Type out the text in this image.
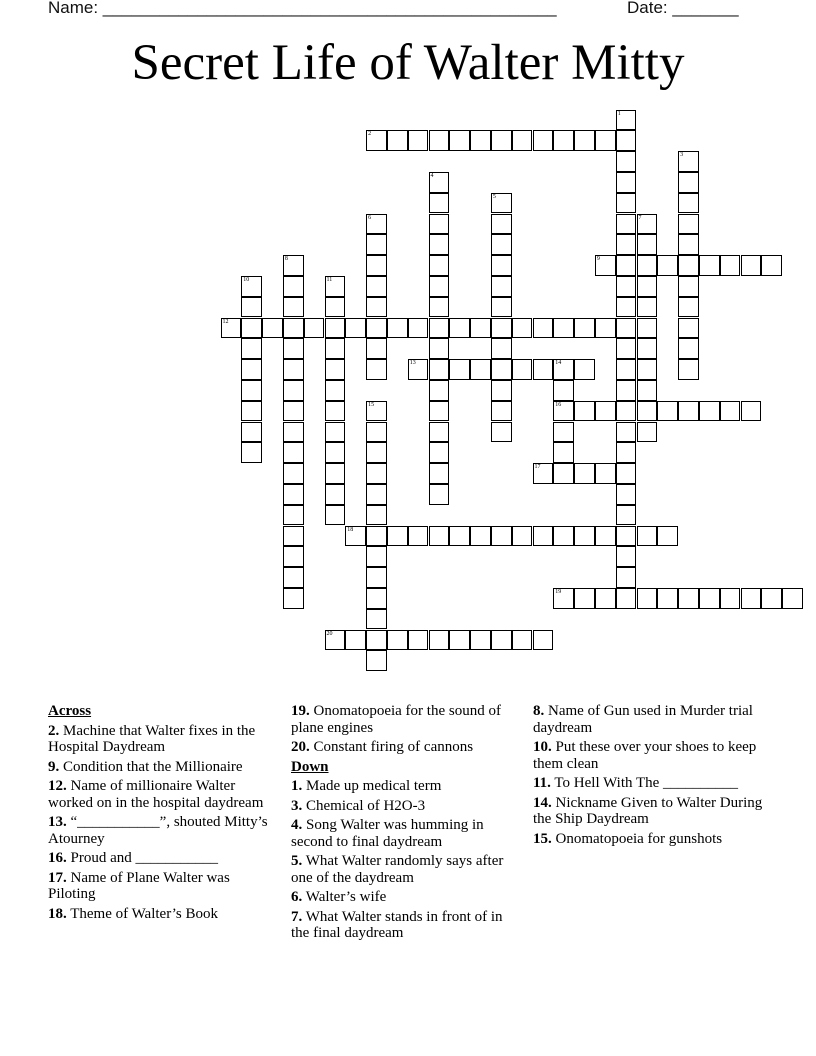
Name: ________________________________________________	Date: _______
Secret Life of Walter Mitty
1
2
3
4
5
6	7
8	9
10	11
12
13	14
16
15
17
18
19
20
Across
2. Machine that Walter fixes in the Hospital Daydream
9. Condition that the Millionaire
12. Name of millionaire Walter worked on in the hospital daydream
13. “___________”, shouted Mitty’s Atourney
16. Proud and ___________
17. Name of Plane Walter was Piloting
18. Theme of Walter’s Book
19. Onomatopoeia for the sound of plane engines
20. Constant firing of cannons
Down
1. Made up medical term
3. Chemical of H2O-3
4. Song Walter was humming in second to final daydream
5. What Walter randomly says after one of the daydream
6. Walter’s wife
7. What Walter stands in front of in the final daydream
8. Name of Gun used in Murder trial daydream
10. Put these over your shoes to keep them clean
11. To Hell With The __________
14. Nickname Given to Walter During the Ship Daydream
15. Onomatopoeia for gunshots
